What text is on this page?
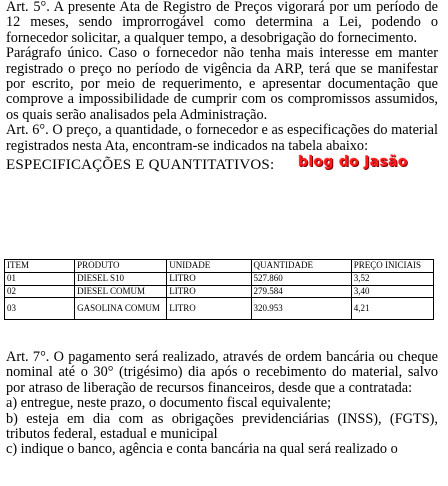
Art. 5°. A presente Ata de Registro de Preços vigorará por um período de 12 meses, sendo improrrogável como determina a Lei, podendo o fornecedor solicitar, a qualquer tempo, a desobrigação do fornecimento.

Parágrafo único. Caso o fornecedor não tenha mais interesse em manter registrado o preço no período de vigência da ARP, terá que se manifestar por escrito, por meio de requerimento, e apresentar documentação que comprove a impossibilidade de cumprir com os compromissos assumidos, os quais serão analisados pela Administração.

Art. 6°. O preço, a quantidade, o fornecedor e as especificações do material registrados nesta Ata, encontram-se indicados na tabela abaixo:

ESPECIFICAÇÕES E QUANTITATIVOS: blog do Jasão
ITEM	PRODUTO	UNIDADE	QUANTIDADE	PREÇO INICIAIS
01	DIESEL S10	LITRO	527.860	3,52
02	DIESEL COMUM	LITRO	279.584	3,40
03	GASOLINA COMUM	LITRO	320.953	4,21

Art. 7°. O pagamento será realizado, através de ordem bancária ou cheque nominal até o 30° (trigésimo) dia após o recebimento do material, salvo por atraso de liberação de recursos financeiros, desde que a contratada:

a) entregue, neste prazo, o documento fiscal equivalente;

b) esteja em dia com as obrigações previdenciárias (INSS), (FGTS), tributos federal, estadual e municipal

c) indique o banco, agência e conta bancária na qual será realizado o
